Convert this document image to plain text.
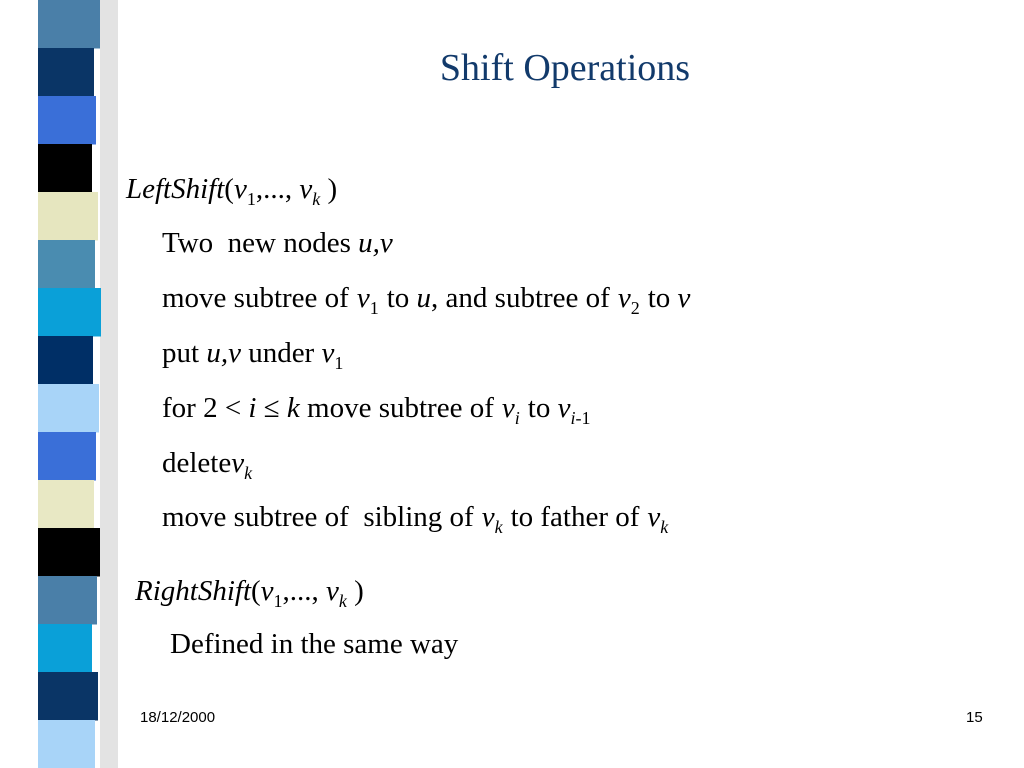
Shift Operations
$LeftShift(v_1$,..., $v_k$ )
Two  new nodes u,v
move subtree of $v_1$ to u, and subtree of $v_2$ to v
put u,v under $v_1$
for 2 < i ≤ k move subtree of $v_i$ to $v_{i-1}$
deletev$_k$
move subtree of  sibling of $v_k$ to father of $v_k$
$RightShift(v_1$,..., $v_k$ )
Defined in the same way
18/12/2000	15
